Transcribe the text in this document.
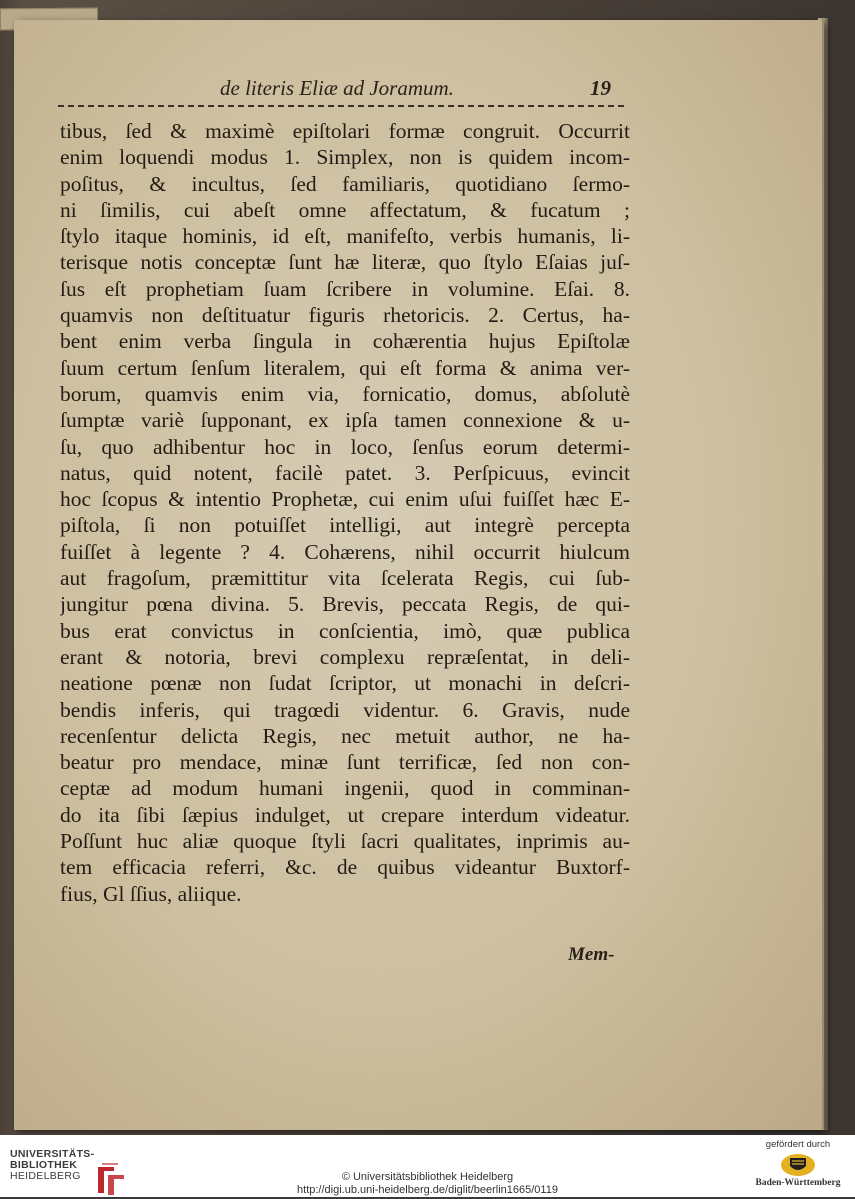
de literis Eliæ ad Joramum.	19
tibus, ſed & maximè epiſtolari formæ congruit. Occurrit
enim loquendi modus 1. Simplex, non is quidem incom-
poſitus, & incultus, ſed familiaris, quotidiano ſermo-
ni ſimilis, cui abeſt omne affectatum, & fucatum ;
ſtylo itaque hominis, id eſt, manifeſto, verbis humanis, li-
terisque notis conceptæ ſunt hæ literæ, quo ſtylo Eſaias juſ-
ſus eſt prophetiam ſuam ſcribere in volumine. Eſai. 8.
quamvis non deſtituatur figuris rhetoricis. 2. Certus, ha-
bent enim verba ſingula in cohærentia hujus Epiſtolæ
ſuum certum ſenſum literalem, qui eſt forma & anima ver-
borum, quamvis enim via, fornicatio, domus, abſolutè
ſumptæ variè ſupponant, ex ipſa tamen connexione & u-
ſu, quo adhibentur hoc in loco, ſenſus eorum determi-
natus, quid notent, facilè patet. 3. Perſpicuus, evincit
hoc ſcopus & intentio Prophetæ, cui enim uſui fuiſſet hæc E-
piſtola, ſi non potuiſſet intelligi, aut integrè percepta
fuiſſet à legente ? 4. Cohærens, nihil occurrit hiulcum
aut fragoſum, præmittitur vita ſcelerata Regis, cui ſub-
jungitur pœna divina. 5. Brevis, peccata Regis, de qui-
bus erat convictus in conſcientia, imò, quæ publica
erant & notoria, brevi complexu repræſentat, in deli-
neatione pœnæ non ſudat ſcriptor, ut monachi in deſcri-
bendis inferis, qui tragœdi videntur. 6. Gravis, nude
recenſentur delicta Regis, nec metuit author, ne ha-
beatur pro mendace, minæ ſunt terrificæ, ſed non con-
ceptæ ad modum humani ingenii, quod in comminan-
do ita ſibi ſæpius indulget, ut crepare interdum videatur.
Poſſunt huc aliæ quoque ſtyli ſacri qualitates, inprimis au-
tem efficacia referri, &c. de quibus videantur Buxtorf-
fius, Gl ſſius, aliique.
Mem-
UNIVERSITÄTS-
BIBLIOTHEK
HEIDELBERG	© Universitätsbibliothek Heidelberg
http://digi.ub.uni-heidelberg.de/diglit/beerlin1665/0119
gefördert durch
Baden-Württemberg
